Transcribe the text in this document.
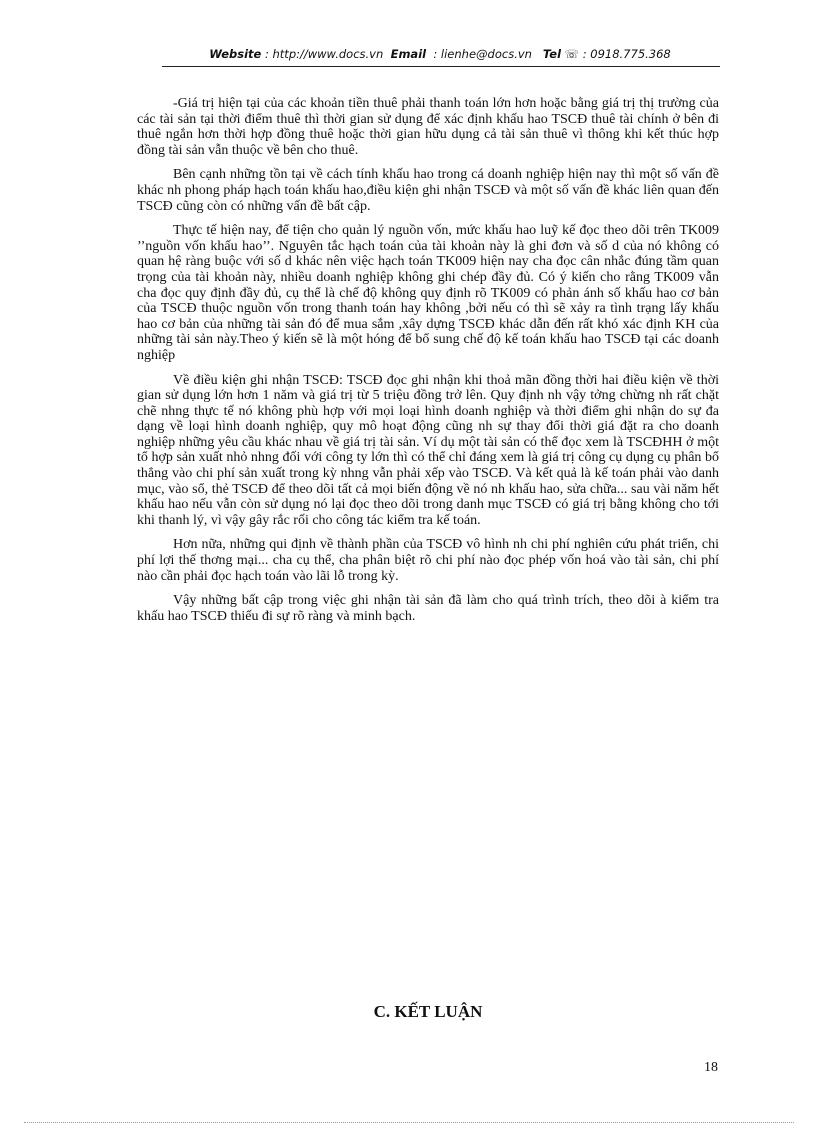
Website : http://www.docs.vn Email : lienhe@docs.vn Tel ☏ : 0918.775.368

-Giá trị hiện tại của các khoản tiền thuê phải thanh toán lớn hơn hoặc bằng giá trị thị trường của các tài sản tại thời điểm thuê thì thời gian sử dụng để xác định khấu hao TSCĐ thuê tài chính ở bên đi thuê ngắn hơn thời hợp đồng thuê hoặc thời gian hữu dụng cả tài sản thuê vì thông khi kết thúc hợp đồng tài sản vẫn thuộc về bên cho thuê.

Bên cạnh những tồn tại về cách tính khấu hao trong cá doanh nghiệp hiện nay thì một số vấn đề khác nh phong pháp hạch toán khấu hao,điều kiện ghi nhận TSCĐ và một số vấn đề khác liên quan đến TSCĐ cũng còn có những vấn đề bất cập.

Thực tế hiện nay, để tiện cho quản lý nguồn vốn, mức khấu hao luỹ kế đọc theo dõi trên TK009 ’’nguồn vốn khấu hao’’. Nguyên tắc hạch toán của tài khoản này là ghi đơn và số d của nó không có quan hệ ràng buộc với số d khác nên việc hạch toán TK009 hiện nay cha đọc cân nhắc đúng tầm quan trọng của tài khoản này, nhiều doanh nghiệp không ghi chép đầy đủ. Có ý kiến cho rằng TK009 vẫn cha đọc quy định đầy đủ, cụ thể là chế độ không quy định rõ TK009 có phản ánh số khấu hao cơ bản của TSCĐ thuộc nguồn vốn trong thanh toán hay không ,bởi nếu có thì sẽ xảy ra tình trạng lấy khấu hao cơ bản của những tài sản đó để mua sắm ,xây dựng TSCĐ khác dẫn đến rất khó xác định KH của những tài sản này.Theo ý kiến sẽ là một hóng để bổ sung chế độ kế toán khấu hao TSCĐ tại các doanh nghiệp

Về điều kiện ghi nhận TSCĐ: TSCĐ đọc ghi nhận khi thoả mãn đồng thời hai điều kiện về thời gian sử dụng lớn hơn 1 năm và giá trị từ 5 triệu đồng trở lên. Quy định nh vậy tởng chừng nh rất chặt chẽ nhng thực tế nó không phù hợp với mọi loại hình doanh nghiệp và thời điểm ghi nhận do sự đa dạng về loại hình doanh nghiệp, quy mô hoạt động cũng nh sự thay đổi thời giá đặt ra cho doanh nghiệp những yêu cầu khác nhau về giá trị tài sản. Ví dụ một tài sản có thể đọc xem là TSCĐHH ở một tổ hợp sản xuất nhỏ nhng đối với công ty lớn thì có thể chỉ đáng xem là giá trị công cụ dụng cụ phân bổ thẳng vào chi phí sản xuất trong kỳ nhng vẫn phải xếp vào TSCĐ. Và kết quả là kế toán phải vào danh mục, vào sổ, thẻ TSCĐ để theo dõi tất cả mọi biến động về nó nh khấu hao, sửa chữa... sau vài năm hết khấu hao nếu vẫn còn sử dụng nó lại đọc theo dõi trong danh mục TSCĐ có giá trị bằng không cho tới khi thanh lý, vì vậy gây rắc rối cho công tác kiểm tra kế toán.

Hơn nữa, những qui định về thành phần của TSCĐ vô hình nh chi phí nghiên cứu phát triển, chi phí lợi thế thơng mại... cha cụ thể, cha phân biệt rõ chi phí nào đọc phép vốn hoá vào tài sản, chi phí nào cần phải đọc hạch toán vào lãi lỗ trong kỳ.

Vậy những bất cập trong việc ghi nhận tài sản đã làm cho quá trình trích, theo dõi à kiểm tra khấu hao TSCĐ thiếu đi sự rõ ràng và minh bạch.

C. KẾT LUẬN
18
